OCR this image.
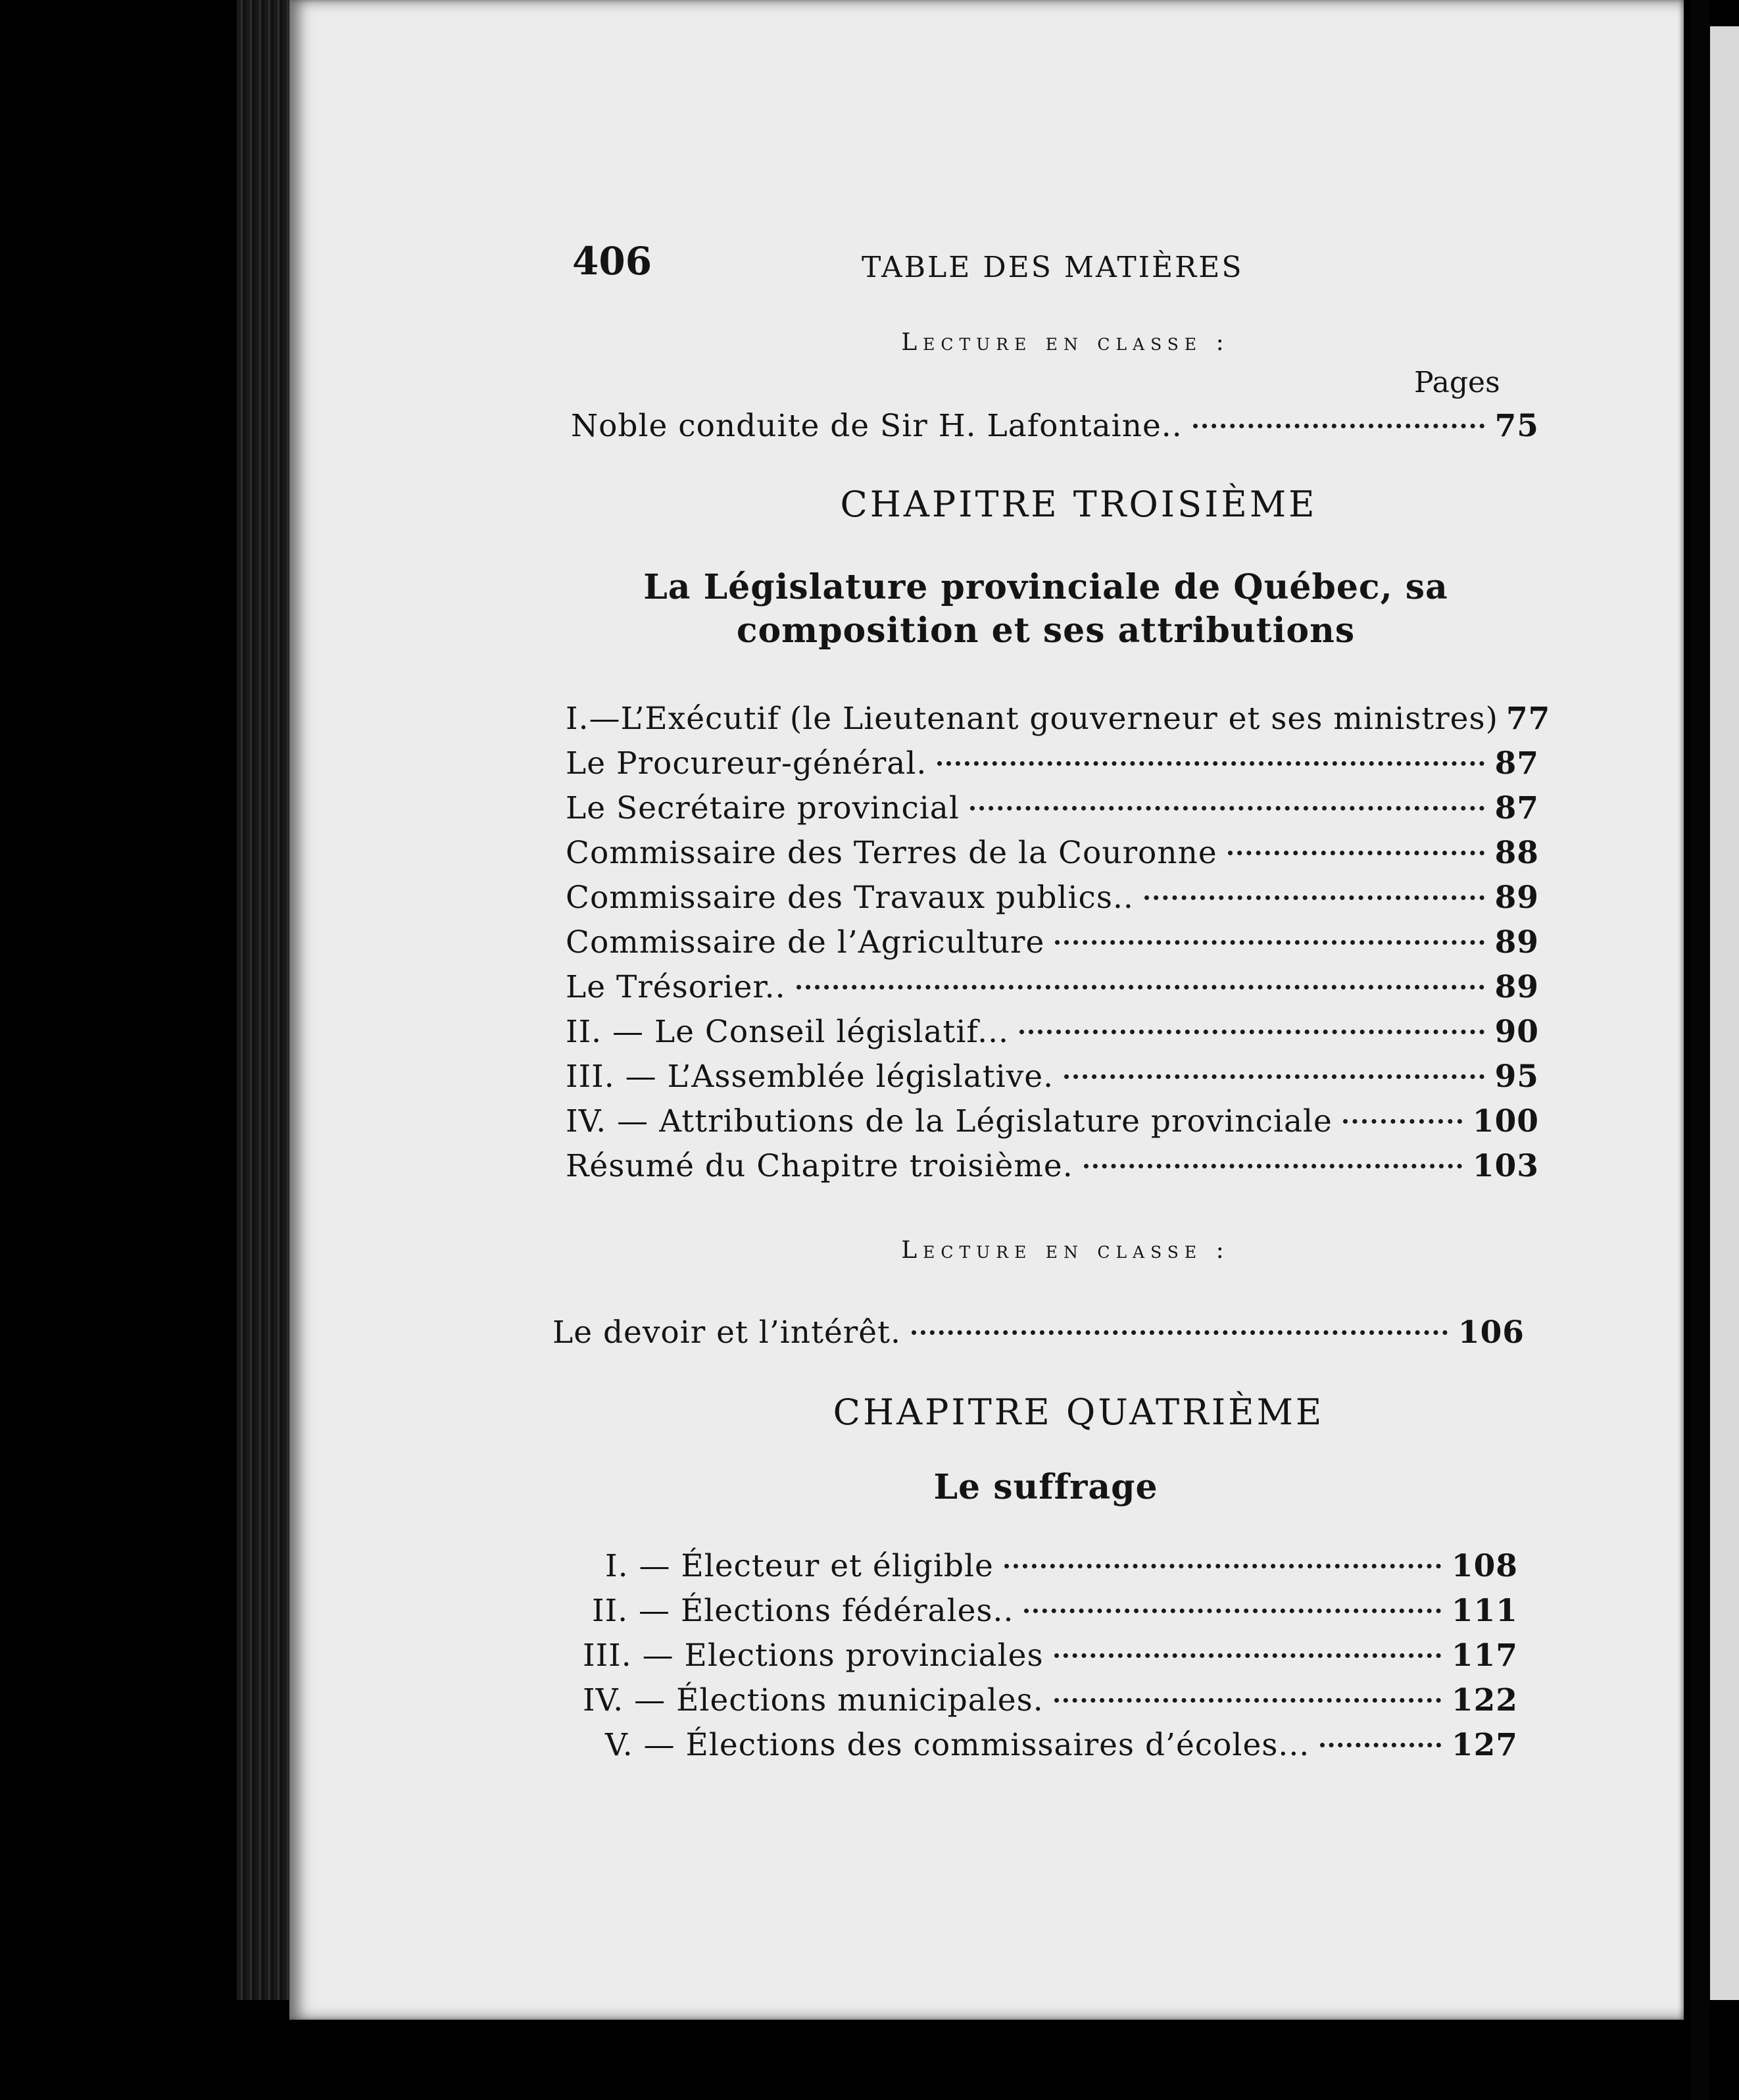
406	TABLE DES MATIÈRES
Lecture en classe :
Pages
Noble conduite de Sir H. Lafontaine..	75
CHAPITRE TROISIÈME
La Législature provinciale de Québec, sa composition et ses attributions
I.—L’Exécutif (le Lieutenant gouverneur et ses ministres) 77
Le Procureur-général.	87
Le Secrétaire provincial	87
Commissaire des Terres de la Couronne	88
Commissaire des Travaux publics..	89
Commissaire de l’Agriculture	89
Le Trésorier..	89
II. — Le Conseil législatif...	90
III. — L’Assemblée législative.	95
IV. — Attributions de la Législature provinciale	100
Résumé du Chapitre troisième.	103
Lecture en classe :
Le devoir et l’intérêt.	106
CHAPITRE QUATRIÈME
Le suffrage
I. — Électeur et éligible	108
II. — Élections fédérales..	111
III. — Elections provinciales	117
IV. — Élections municipales.	122
V. — Élections des commissaires d’écoles...	127
